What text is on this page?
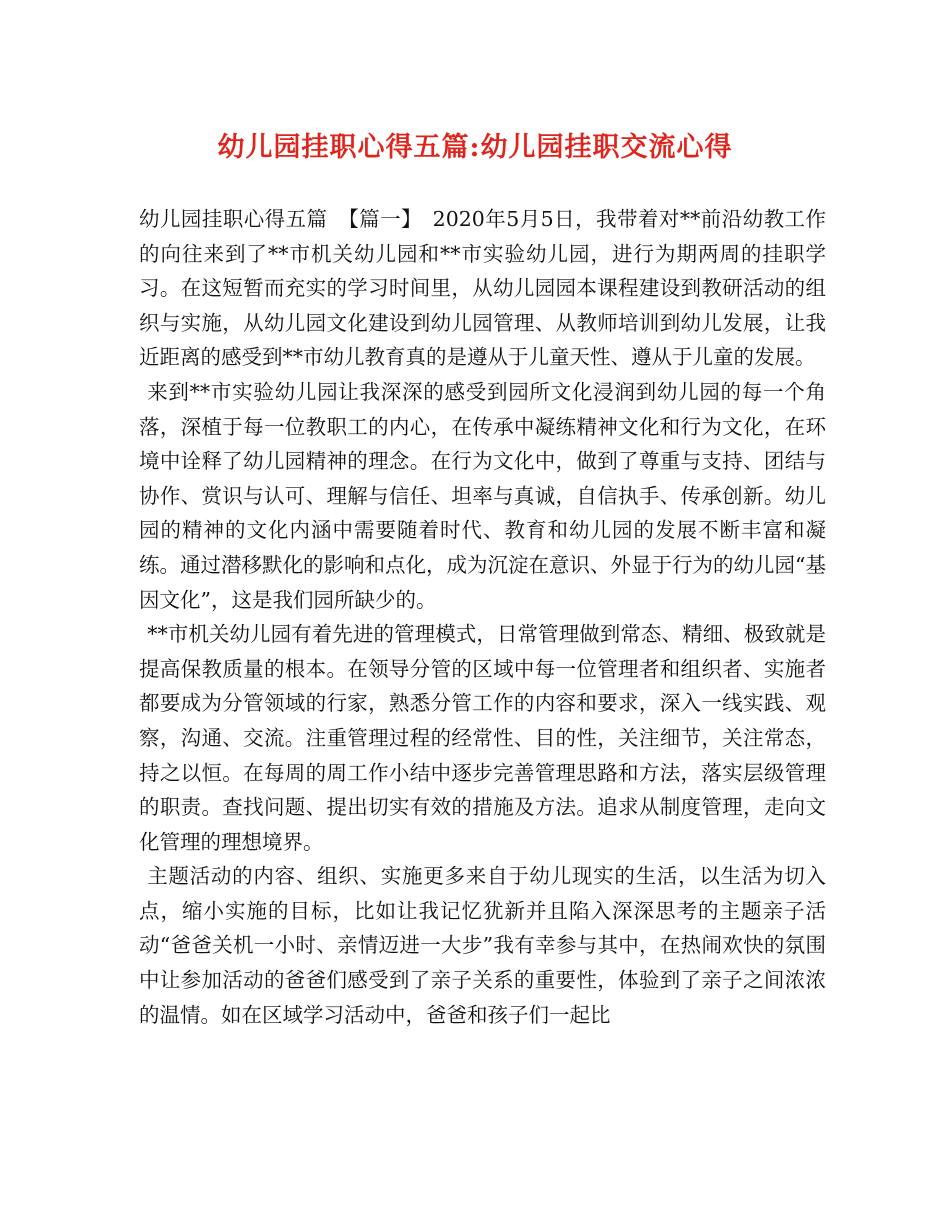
幼儿园挂职心得五篇:幼儿园挂职交流心得

幼儿园挂职心得五篇　【篇一】　2020年5月5日，我带着对**前沿幼教工作的向往来到了**市机关幼儿园和**市实验幼儿园，进行为期两周的挂职学习。在这短暂而充实的学习时间里，从幼儿园园本课程建设到教研活动的组织与实施，从幼儿园文化建设到幼儿园管理、从教师培训到幼儿发展，让我近距离的感受到**市幼儿教育真的是遵从于儿童天性、遵从于儿童的发展。

来到**市实验幼儿园让我深深的感受到园所文化浸润到幼儿园的每一个角落，深植于每一位教职工的内心，在传承中凝练精神文化和行为文化，在环境中诠释了幼儿园精神的理念。在行为文化中，做到了尊重与支持、团结与协作、赏识与认可、理解与信任、坦率与真诚，自信执手、传承创新。幼儿园的精神的文化内涵中需要随着时代、教育和幼儿园的发展不断丰富和凝练。通过潜移默化的影响和点化，成为沉淀在意识、外显于行为的幼儿园“基因文化”，这是我们园所缺少的。

**市机关幼儿园有着先进的管理模式，日常管理做到常态、精细、极致就是提高保教质量的根本。在领导分管的区域中每一位管理者和组织者、实施者都要成为分管领域的行家，熟悉分管工作的内容和要求，深入一线实践、观察，沟通、交流。注重管理过程的经常性、目的性，关注细节，关注常态，持之以恒。在每周的周工作小结中逐步完善管理思路和方法，落实层级管理的职责。查找问题、提出切实有效的措施及方法。追求从制度管理，走向文化管理的理想境界。

主题活动的内容、组织、实施更多来自于幼儿现实的生活，以生活为切入点，缩小实施的目标，比如让我记忆犹新并且陷入深深思考的主题亲子活动“爸爸关机一小时、亲情迈进一大步”我有幸参与其中，在热闹欢快的氛围中让参加活动的爸爸们感受到了亲子关系的重要性，体验到了亲子之间浓浓的温情。如在区域学习活动中，爸爸和孩子们一起比
